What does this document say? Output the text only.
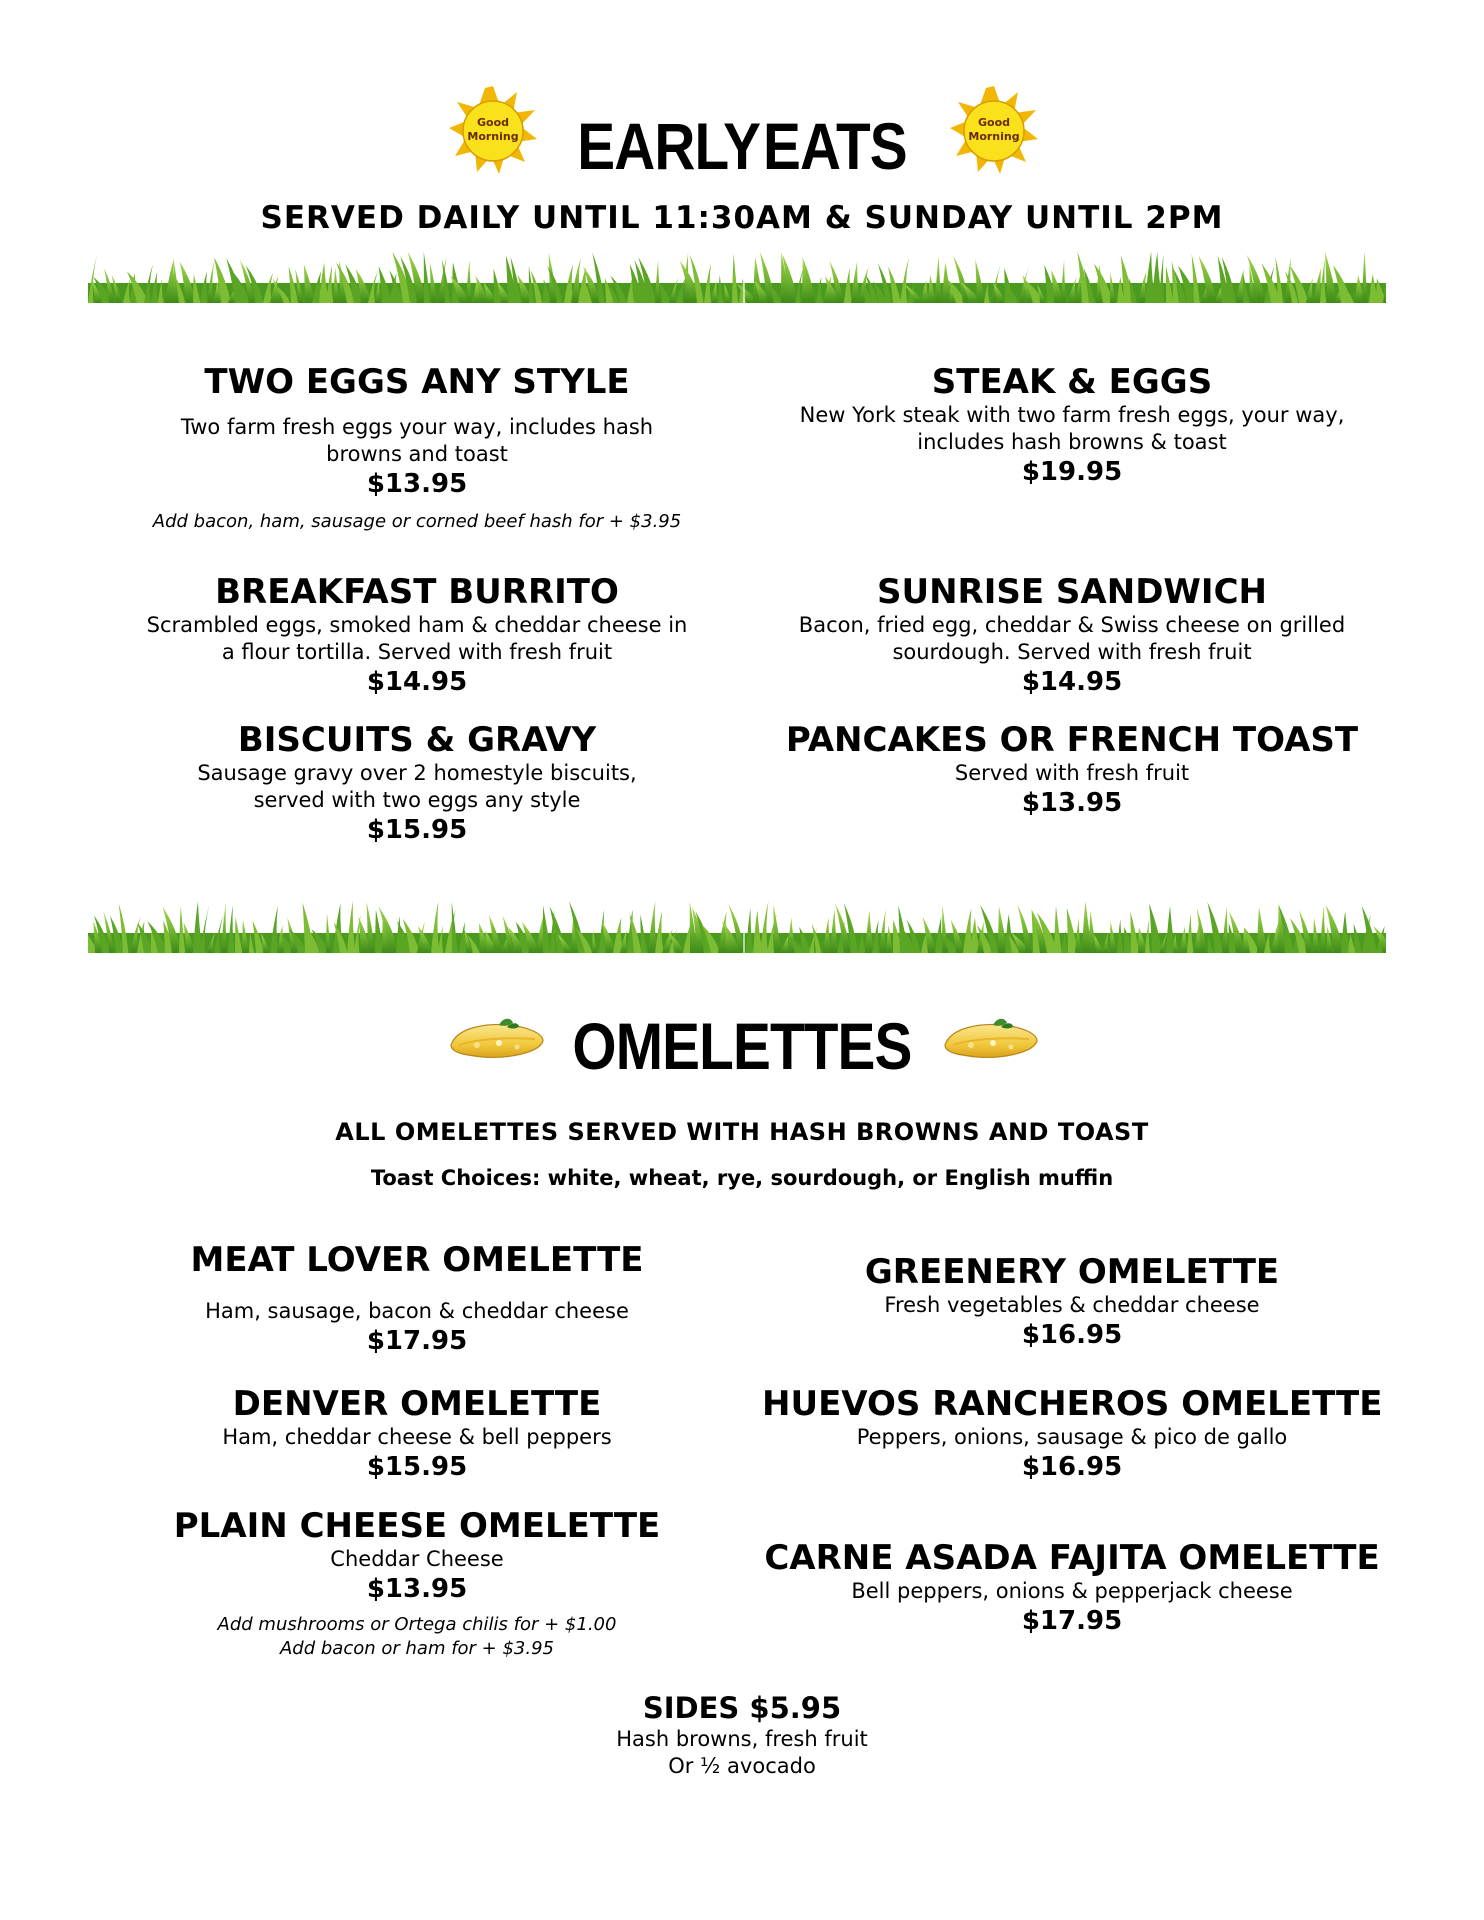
Good
Morning
Good
Morning
EARLY EATS
SERVED DAILY UNTIL 11:30AM & SUNDAY UNTIL 2PM
TWO EGGS ANY STYLE
Two farm fresh eggs your way, includes hash browns and toast
$13.95
Add bacon, ham, sausage or corned beef hash for + $3.95
STEAK & EGGS
New York steak with two farm fresh eggs, your way, includes hash browns & toast
$19.95
BREAKFAST BURRITO
Scrambled eggs, smoked ham & cheddar cheese in a flour tortilla. Served with fresh fruit
$14.95
SUNRISE SANDWICH
Bacon, fried egg, cheddar & Swiss cheese on grilled sourdough. Served with fresh fruit
$14.95
BISCUITS & GRAVY
Sausage gravy over 2 homestyle biscuits, served with two eggs any style
$15.95
PANCAKES OR FRENCH TOAST
Served with fresh fruit
$13.95
OMELETTES
ALL OMELETTES SERVED WITH HASH BROWNS AND TOAST
Toast Choices: white, wheat, rye, sourdough, or English muffin
MEAT LOVER OMELETTE
Ham, sausage, bacon & cheddar cheese
$17.95
GREENERY OMELETTE
Fresh vegetables & cheddar cheese
$16.95
DENVER OMELETTE
Ham, cheddar cheese & bell peppers
$15.95
HUEVOS RANCHEROS OMELETTE
Peppers, onions, sausage & pico de gallo
$16.95
PLAIN CHEESE OMELETTE
Cheddar Cheese
$13.95
Add mushrooms or Ortega chilis for + $1.00
Add bacon or ham for + $3.95
CARNE ASADA FAJITA OMELETTE
Bell peppers, onions & pepperjack cheese
$17.95
SIDES $5.95
Hash browns, fresh fruit
Or ½ avocado
